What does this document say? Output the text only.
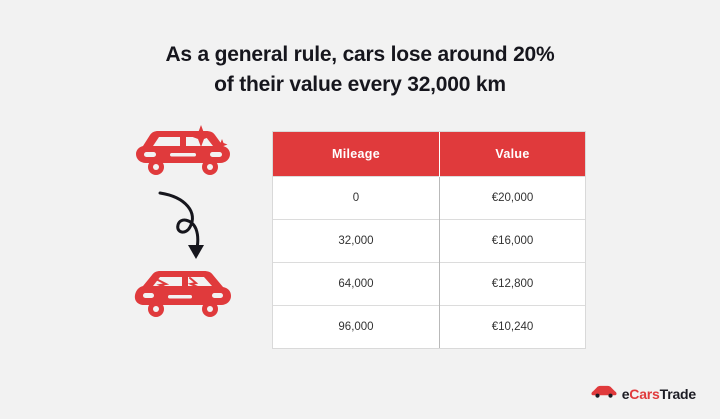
As a general rule, cars lose around 20%
of their value every 32,000 km
Mileage	Value
0	€20,000
32,000	€16,000
64,000	€12,800
96,000	€10,240
eCarsTrade
